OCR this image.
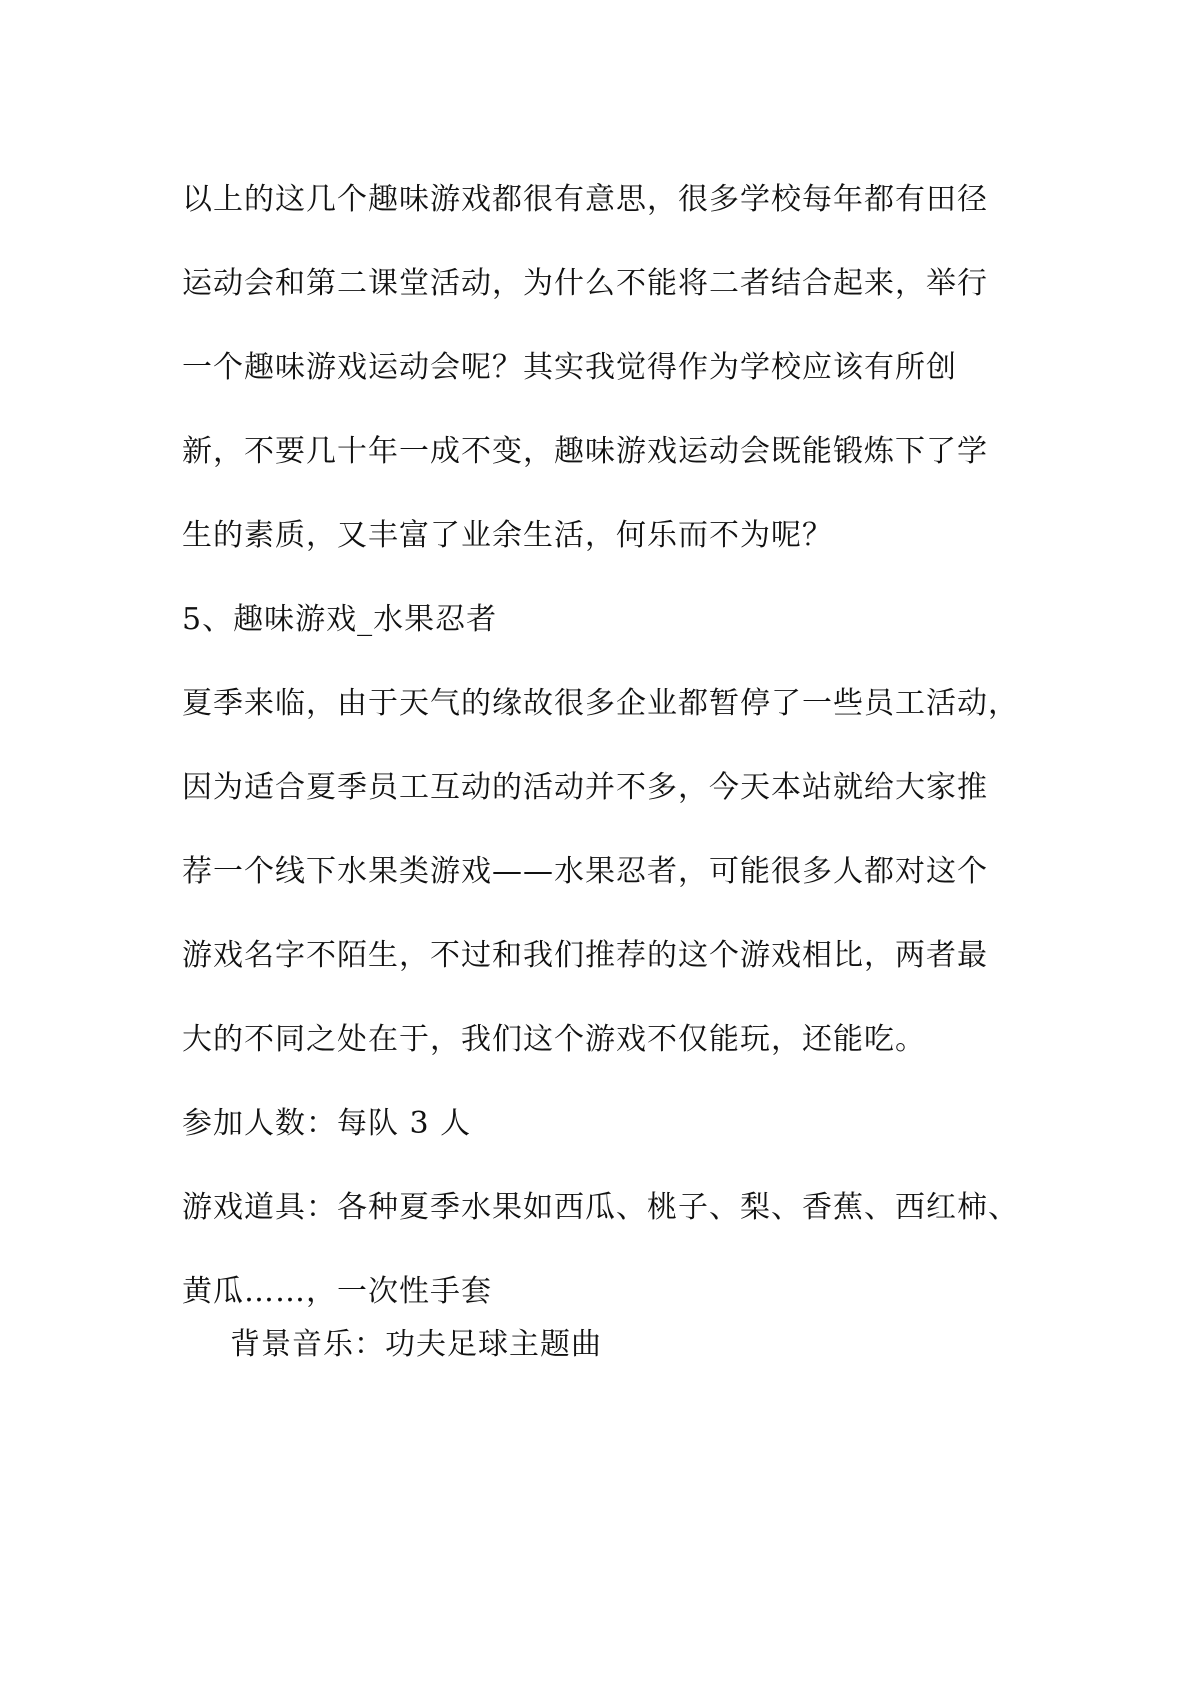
以上的这几个趣味游戏都很有意思，很多学校每年都有田径
运动会和第二课堂活动，为什么不能将二者结合起来，举行
一个趣味游戏运动会呢？其实我觉得作为学校应该有所创
新，不要几十年一成不变，趣味游戏运动会既能锻炼下了学
生的素质，又丰富了业余生活，何乐而不为呢？
5、趣味游戏_水果忍者
夏季来临，由于天气的缘故很多企业都暂停了一些员工活动，
因为适合夏季员工互动的活动并不多，今天本站就给大家推
荐一个线下水果类游戏——水果忍者，可能很多人都对这个
游戏名字不陌生，不过和我们推荐的这个游戏相比，两者最
大的不同之处在于，我们这个游戏不仅能玩，还能吃。
参加人数：每队 3 人
游戏道具：各种夏季水果如西瓜、桃子、梨、香蕉、西红柿、
黄瓜……，一次性手套
背景音乐：功夫足球主题曲
